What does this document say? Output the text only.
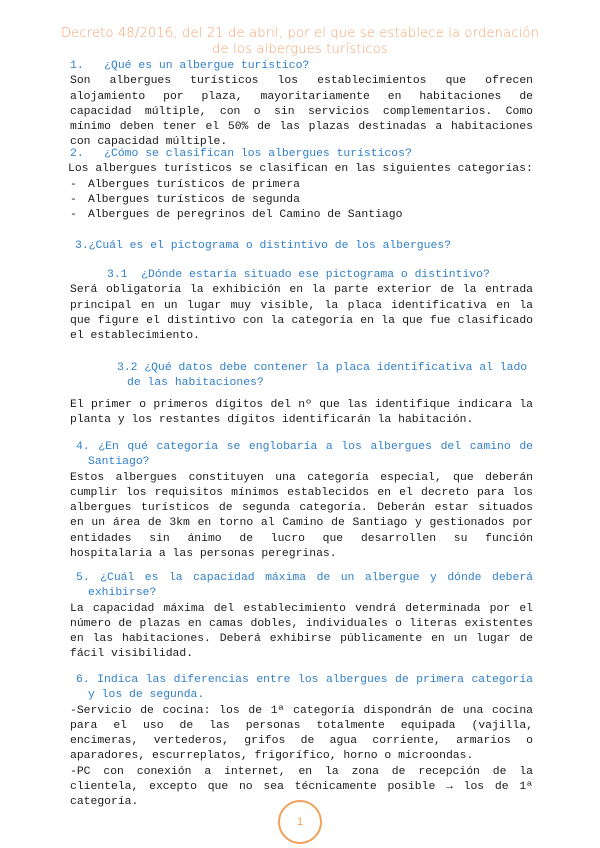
Decreto 48/2016, del 21 de abril, por el que se establece la ordenación de los albergues turísticos
1.   ¿Qué es un albergue turístico?
Son albergues turísticos los establecimientos que ofrecen alojamiento por plaza, mayoritariamente en habitaciones de capacidad múltiple, con o sin servicios complementarios. Como mínimo deben tener el 50% de las plazas destinadas a habitaciones con capacidad múltiple.
2.   ¿Cómo se clasifican los albergues turísticos?
Los albergues turísticos se clasifican en las siguientes categorías:
- Albergues turísticos de primera
- Albergues turísticos de segunda
- Albergues de peregrinos del Camino de Santiago
3.¿Cuál es el pictograma o distintivo de los albergues?
3.1  ¿Dónde estaría situado ese pictograma o distintivo?
Será obligatoria la exhibición en la parte exterior de la entrada principal en un lugar muy visible, la placa identificativa en la que figure el distintivo con la categoría en la que fue clasificado el establecimiento.
3.2 ¿Qué datos debe contener la placa identificativa al lado de las habitaciones?
El primer o primeros dígitos del nº que las identifique indicara la planta y los restantes dígitos identificarán la habitación.
4. ¿En qué categoría se englobaría a los albergues del camino de Santiago?
Estos albergues constituyen una categoría especial, que deberán cumplir los requisitos mínimos establecidos en el decreto para los albergues turísticos de segunda categoría. Deberán estar situados en un área de 3km en torno al Camino de Santiago y gestionados por entidades sin ánimo de lucro que desarrollen su función hospitalaria a las personas peregrinas.
5. ¿Cuál es la capacidad máxima de un albergue y dónde deberá exhibirse?
La capacidad máxima del establecimiento vendrá determinada por el número de plazas en camas dobles, individuales o literas existentes en las habitaciones. Deberá exhibirse públicamente en un lugar de fácil visibilidad.
6. Indica las diferencias entre los albergues de primera categoría y los de segunda.
-Servicio de cocina: los de 1ª categoría dispondrán de una cocina para el uso de las personas totalmente equipada (vajilla, encimeras, vertederos, grifos de agua corriente, armarios o aparadores, escurreplatos, frigorífico, horno o microondas.
-PC con conexión a internet, en la zona de recepción de la clientela, excepto que no sea técnicamente posible → los de 1ª categoría.
1
